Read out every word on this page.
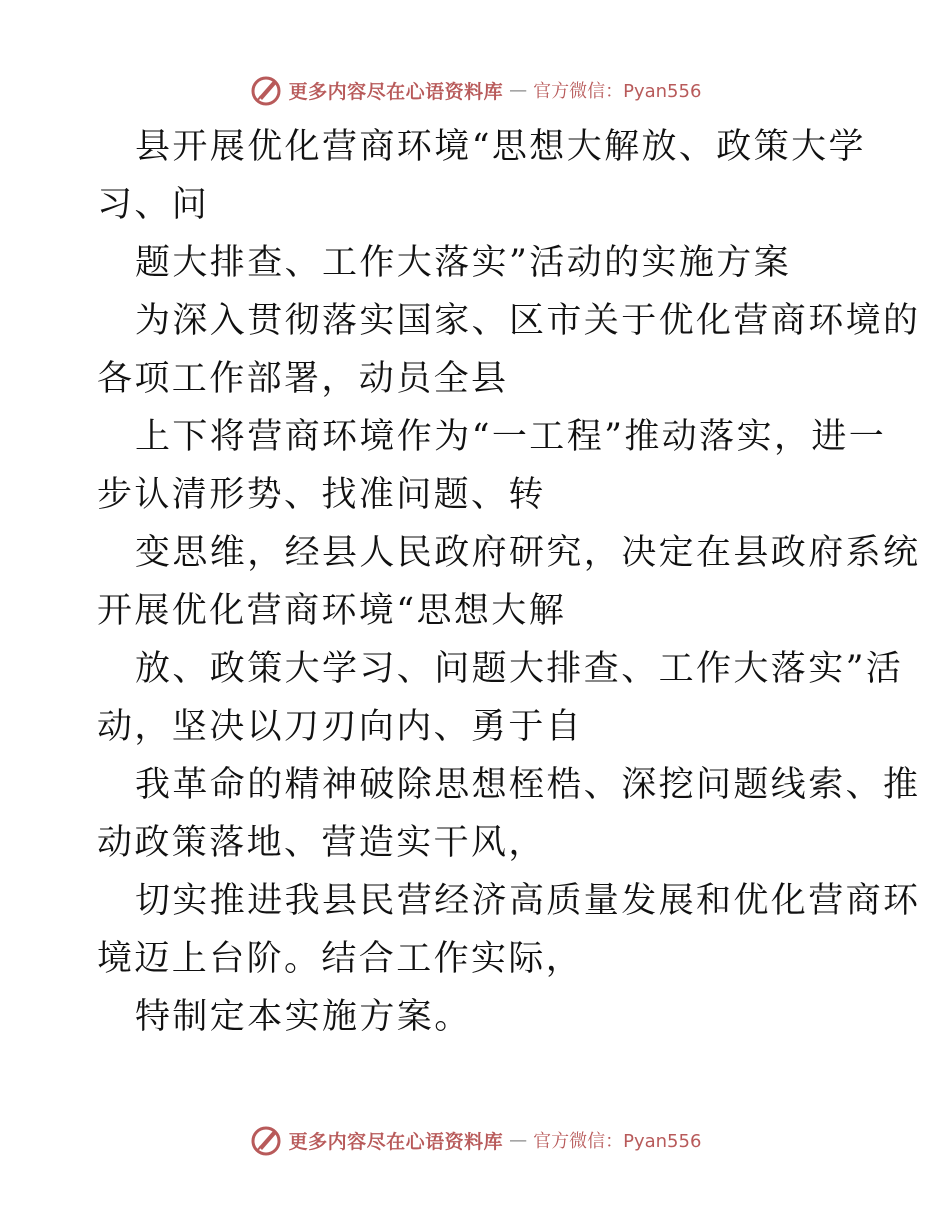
更多内容尽在心语资料库 — 官方微信：Pyan556
县开展优化营商环境“思想大解放、政策大学
习、问
题大排查、工作大落实”活动的实施方案
为深入贯彻落实国家、区市关于优化营商环境的
各项工作部署，动员全县
上下将营商环境作为“一工程”推动落实，进一
步认清形势、找准问题、转
变思维，经县人民政府研究，决定在县政府系统
开展优化营商环境“思想大解
放、政策大学习、问题大排查、工作大落实”活
动，坚决以刀刃向内、勇于自
我革命的精神破除思想桎梏、深挖问题线索、推
动政策落地、营造实干风，
切实推进我县民营经济高质量发展和优化营商环
境迈上台阶。结合工作实际，
特制定本实施方案。
更多内容尽在心语资料库 — 官方微信：Pyan556
